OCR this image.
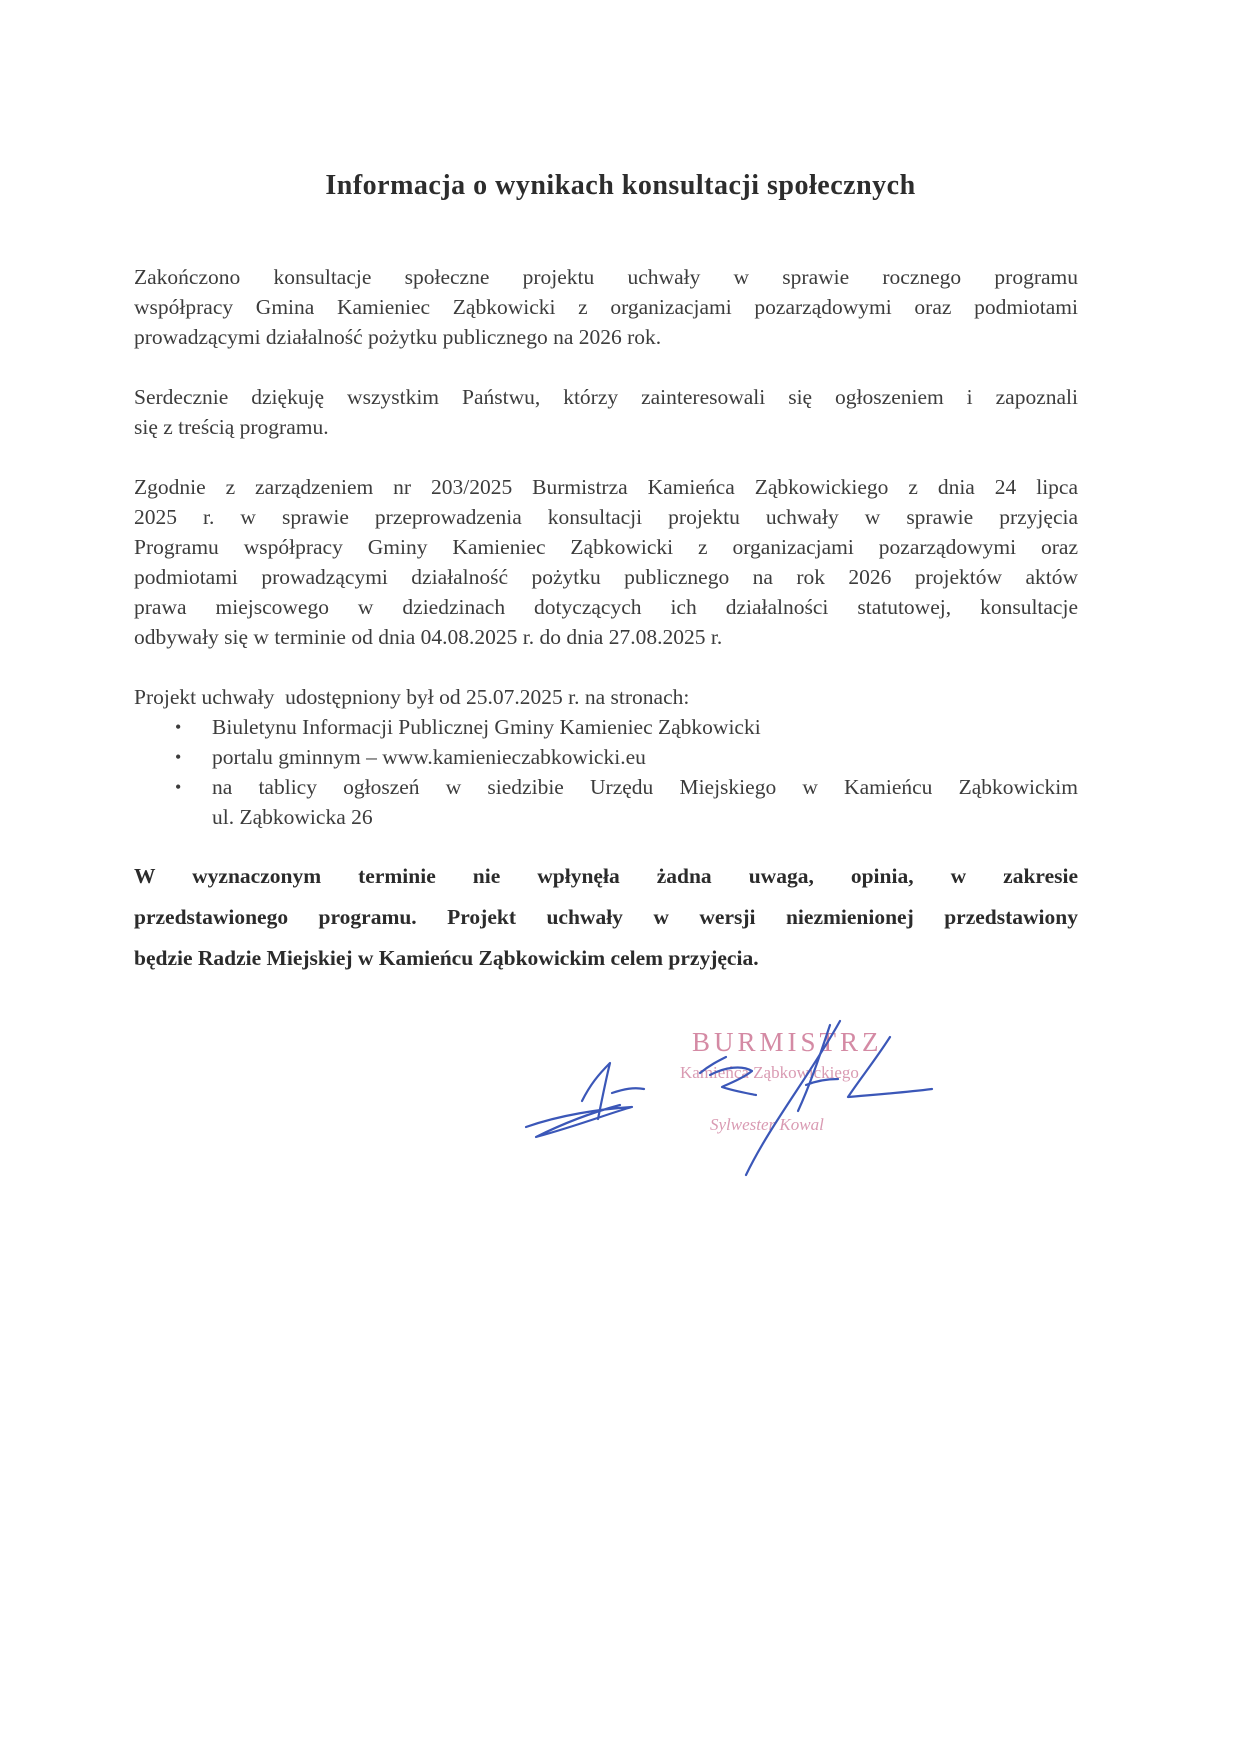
Informacja o wynikach konsultacji społecznych

Zakończono konsultacje społeczne projektu uchwały w sprawie rocznego programu

współpracy Gmina Kamieniec Ząbkowicki z organizacjami pozarządowymi oraz podmiotami

prowadzącymi działalność pożytku publicznego na 2026 rok.

Serdecznie dziękuję wszystkim Państwu, którzy zainteresowali się ogłoszeniem i zapoznali

się z treścią programu.

Zgodnie z zarządzeniem nr 203/2025 Burmistrza Kamieńca Ząbkowickiego z dnia 24 lipca

2025 r. w sprawie przeprowadzenia konsultacji projektu uchwały w sprawie przyjęcia

Programu współpracy Gminy Kamieniec Ząbkowicki z organizacjami pozarządowymi oraz

podmiotami prowadzącymi działalność pożytku publicznego na rok 2026 projektów aktów

prawa miejscowego w dziedzinach dotyczących ich działalności statutowej, konsultacje

odbywały się w terminie od dnia 04.08.2025 r. do dnia 27.08.2025 r.

Projekt uchwały  udostępniony był od 25.07.2025 r. na stronach:

• Biuletynu Informacji Publicznej Gminy Kamieniec Ząbkowicki
• portalu gminnym – www.kamienieczabkowicki.eu
• na tablicy ogłoszeń w siedzibie Urzędu Miejskiego w Kamieńcu Ząbkowickim
ul. Ząbkowicka 26

W wyznaczonym terminie nie wpłynęła żadna uwaga, opinia, w zakresie

przedstawionego programu. Projekt uchwały w wersji niezmienionej przedstawiony

będzie Radzie Miejskiej w Kamieńcu Ząbkowickim celem przyjęcia.

BURMISTRZ
Kamieńca Ząbkowickiego
Sylwester Kowal
